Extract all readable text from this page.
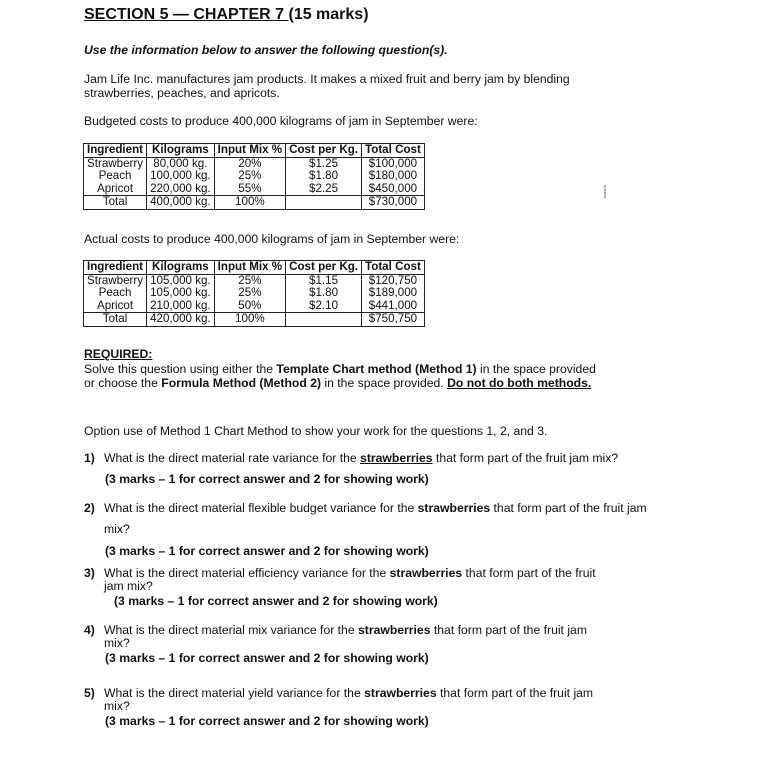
SECTION 5 — CHAPTER 7 (15 marks)
Use the information below to answer the following question(s).
Jam Life Inc. manufactures jam products. It makes a mixed fruit and berry jam by blending
strawberries, peaches, and apricots.
Budgeted costs to produce 400,000 kilograms of jam in September were:
Ingredient	Kilograms	Input Mix %	Cost per Kg.	Total Cost
Strawberry	80,000 kg.	20%	$1.25	$100,000
Peach	100,000 kg.	25%	$1.80	$180,000
Apricot	220,000 kg.	55%	$2.25	$450,000
Total	400,000 kg.	100%		$730,000
ꟷꟷ
Actual costs to produce 400,000 kilograms of jam in September were:
Ingredient	Kilograms	Input Mix %	Cost per Kg.	Total Cost
Strawberry	105,000 kg.	25%	$1.15	$120,750
Peach	105,000 kg.	25%	$1.80	$189,000
Apricot	210,000 kg.	50%	$2.10	$441,000
Total	420,000 kg.	100%		$750,750
REQUIRED:
Solve this question using either the Template Chart method (Method 1) in the space provided
or choose the Formula Method (Method 2) in the space provided. Do not do both methods.
Option use of Method 1 Chart Method to show your work for the questions 1, 2, and 3.
1) What is the direct material rate variance for the strawberries that form part of the fruit jam mix?
(3 marks – 1 for correct answer and 2 for showing work)
2) What is the direct material flexible budget variance for the strawberries that form part of the fruit jam
mix?
(3 marks – 1 for correct answer and 2 for showing work)
3) What is the direct material efficiency variance for the strawberries that form part of the fruit
jam mix?
(3 marks – 1 for correct answer and 2 for showing work)
4) What is the direct material mix variance for the strawberries that form part of the fruit jam
mix?
(3 marks – 1 for correct answer and 2 for showing work)
5) What is the direct material yield variance for the strawberries that form part of the fruit jam
mix?
(3 marks – 1 for correct answer and 2 for showing work)
